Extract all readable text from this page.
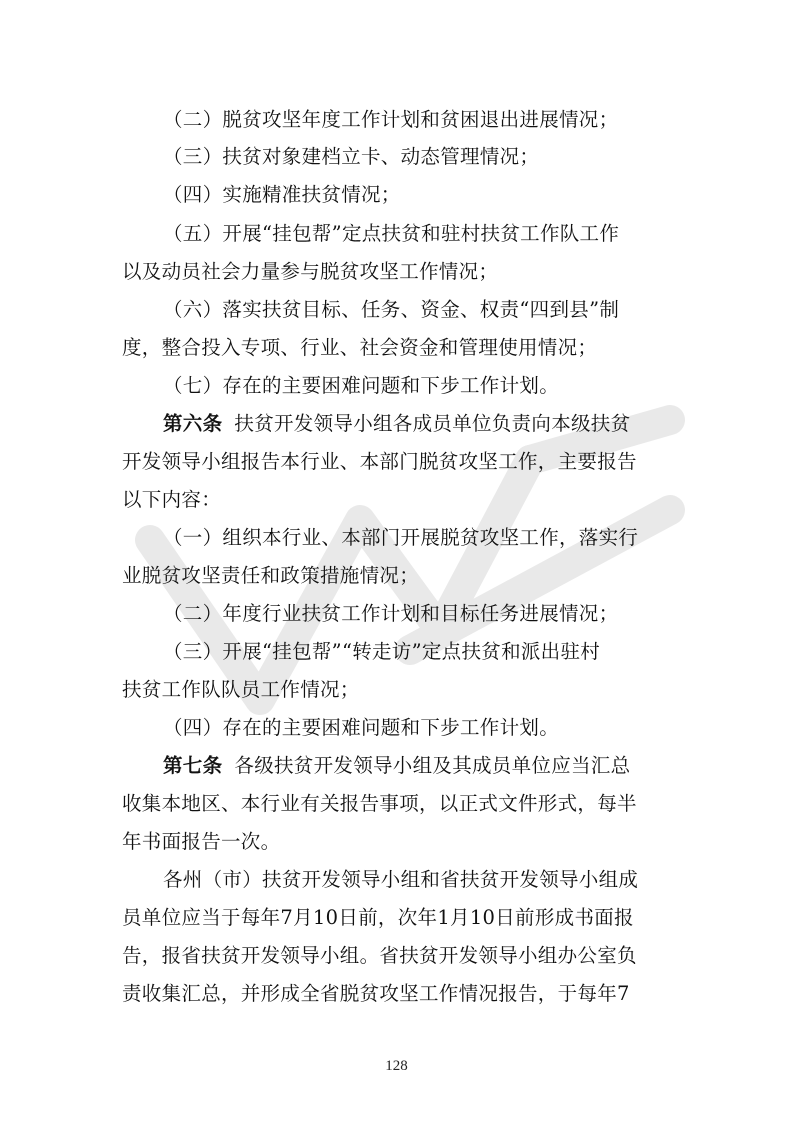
（二）脱贫攻坚年度工作计划和贫困退出进展情况；
（三）扶贫对象建档立卡、动态管理情况；
（四）实施精准扶贫情况；
（五）开展“挂包帮”定点扶贫和驻村扶贫工作队工作
以及动员社会力量参与脱贫攻坚工作情况；
（六）落实扶贫目标、任务、资金、权责“四到县”制
度，整合投入专项、行业、社会资金和管理使用情况；
（七）存在的主要困难问题和下步工作计划。
第六条 扶贫开发领导小组各成员单位负责向本级扶贫
开发领导小组报告本行业、本部门脱贫攻坚工作，主要报告
以下内容：
（一）组织本行业、本部门开展脱贫攻坚工作，落实行
业脱贫攻坚责任和政策措施情况；
（二）年度行业扶贫工作计划和目标任务进展情况；
（三）开展“挂包帮”“转走访”定点扶贫和派出驻村
扶贫工作队队员工作情况；
（四）存在的主要困难问题和下步工作计划。
第七条 各级扶贫开发领导小组及其成员单位应当汇总
收集本地区、本行业有关报告事项，以正式文件形式，每半
年书面报告一次。
各州（市）扶贫开发领导小组和省扶贫开发领导小组成
员单位应当于每年7月10日前，次年1月10日前形成书面报
告，报省扶贫开发领导小组。省扶贫开发领导小组办公室负
责收集汇总，并形成全省脱贫攻坚工作情况报告，于每年7
128
